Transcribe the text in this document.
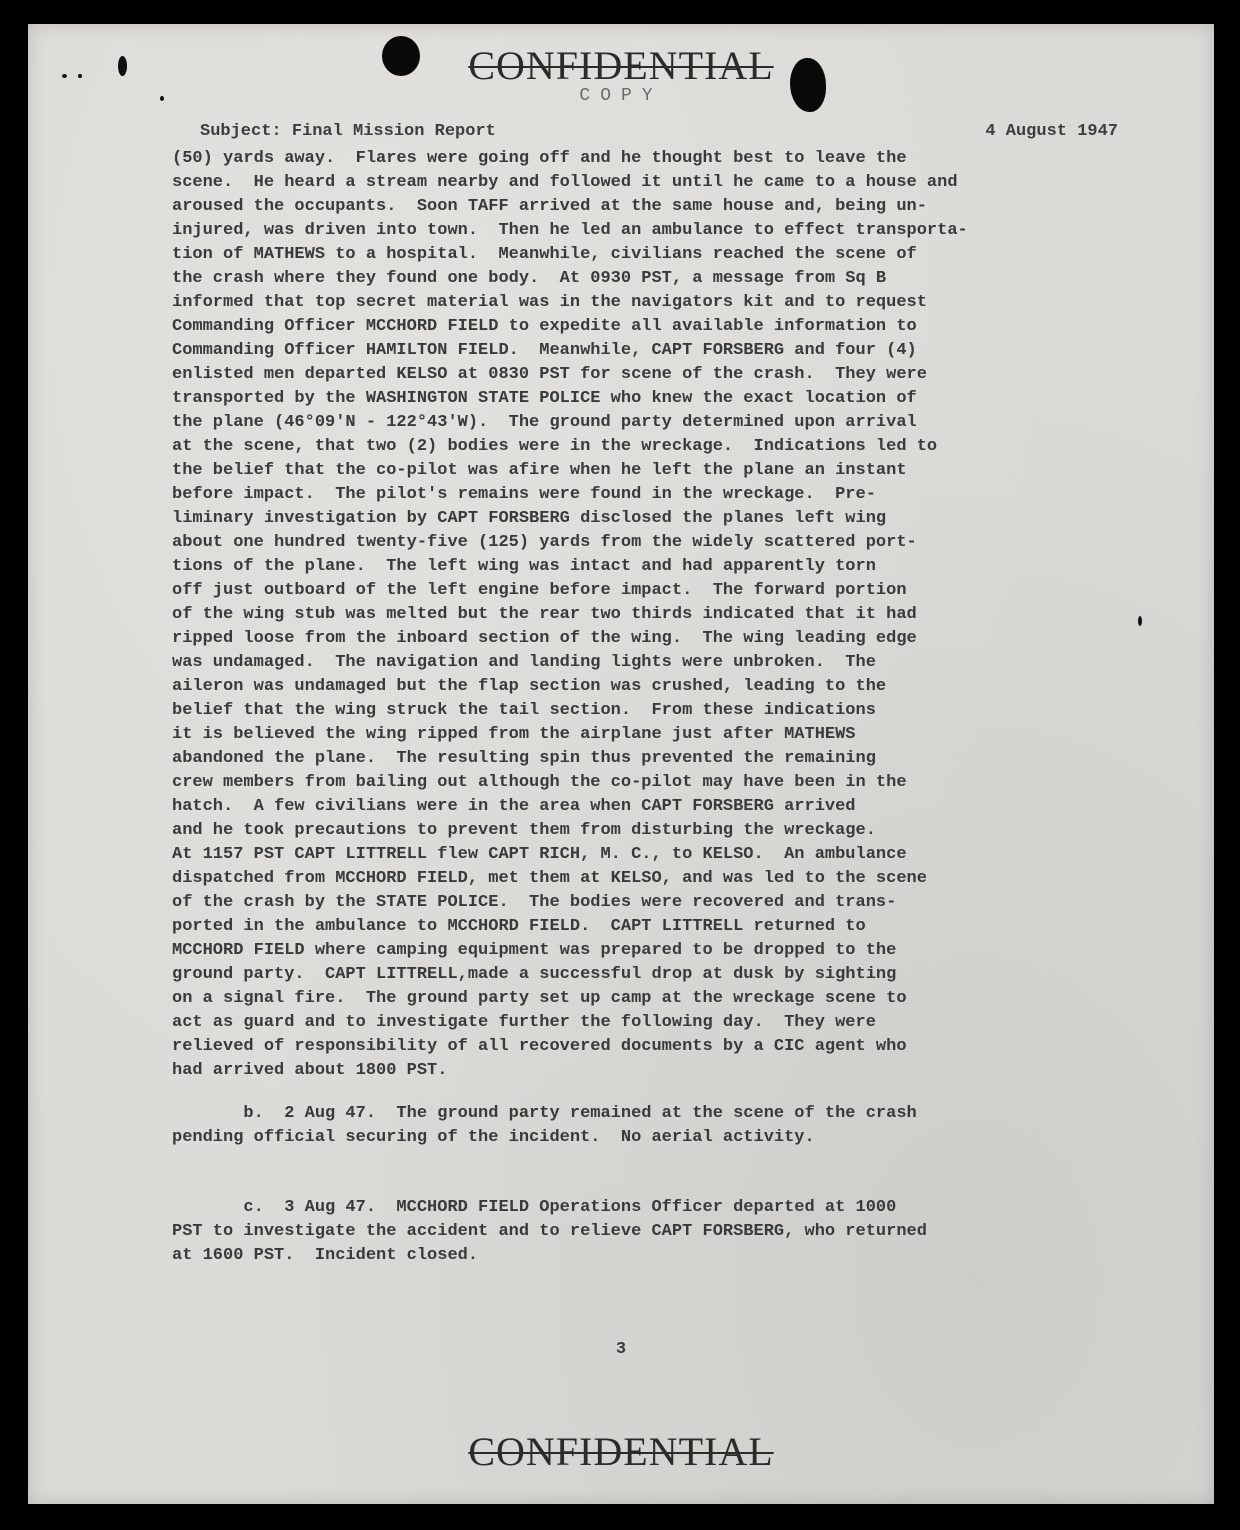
CONFIDENTIAL
COPY
Subject: Final Mission Report	4 August 1947
3
CONFIDENTIAL
(50) yards away.  Flares were going off and he thought best to leave the
scene.  He heard a stream nearby and followed it until he came to a house and
aroused the occupants.  Soon TAFF arrived at the same house and, being un-
injured, was driven into town.  Then he led an ambulance to effect transporta-
tion of MATHEWS to a hospital.  Meanwhile, civilians reached the scene of
the crash where they found one body.  At 0930 PST, a message from Sq B
informed that top secret material was in the navigators kit and to request
Commanding Officer MCCHORD FIELD to expedite all available information to
Commanding Officer HAMILTON FIELD.  Meanwhile, CAPT FORSBERG and four (4)
enlisted men departed KELSO at 0830 PST for scene of the crash.  They were
transported by the WASHINGTON STATE POLICE who knew the exact location of
the plane (46°09'N - 122°43'W).  The ground party determined upon arrival
at the scene, that two (2) bodies were in the wreckage.  Indications led to
the belief that the co-pilot was afire when he left the plane an instant
before impact.  The pilot's remains were found in the wreckage.  Pre-
liminary investigation by CAPT FORSBERG disclosed the planes left wing
about one hundred twenty-five (125) yards from the widely scattered port-
tions of the plane.  The left wing was intact and had apparently torn
off just outboard of the left engine before impact.  The forward portion
of the wing stub was melted but the rear two thirds indicated that it had
ripped loose from the inboard section of the wing.  The wing leading edge
was undamaged.  The navigation and landing lights were unbroken.  The
aileron was undamaged but the flap section was crushed, leading to the
belief that the wing struck the tail section.  From these indications
it is believed the wing ripped from the airplane just after MATHEWS
abandoned the plane.  The resulting spin thus prevented the remaining
crew members from bailing out although the co-pilot may have been in the
hatch.  A few civilians were in the area when CAPT FORSBERG arrived
and he took precautions to prevent them from disturbing the wreckage.
At 1157 PST CAPT LITTRELL flew CAPT RICH, M. C., to KELSO.  An ambulance
dispatched from MCCHORD FIELD, met them at KELSO, and was led to the scene
of the crash by the STATE POLICE.  The bodies were recovered and trans-
ported in the ambulance to MCCHORD FIELD.  CAPT LITTRELL returned to
MCCHORD FIELD where camping equipment was prepared to be dropped to the
ground party.  CAPT LITTRELL,made a successful drop at dusk by sighting
on a signal fire.  The ground party set up camp at the wreckage scene to
act as guard and to investigate further the following day.  They were
relieved of responsibility of all recovered documents by a CIC agent who
had arrived about 1800 PST.
b.  2 Aug 47.  The ground party remained at the scene of the crash
pending official securing of the incident.  No aerial activity.
c.  3 Aug 47.  MCCHORD FIELD Operations Officer departed at 1000
PST to investigate the accident and to relieve CAPT FORSBERG, who returned
at 1600 PST.  Incident closed.
